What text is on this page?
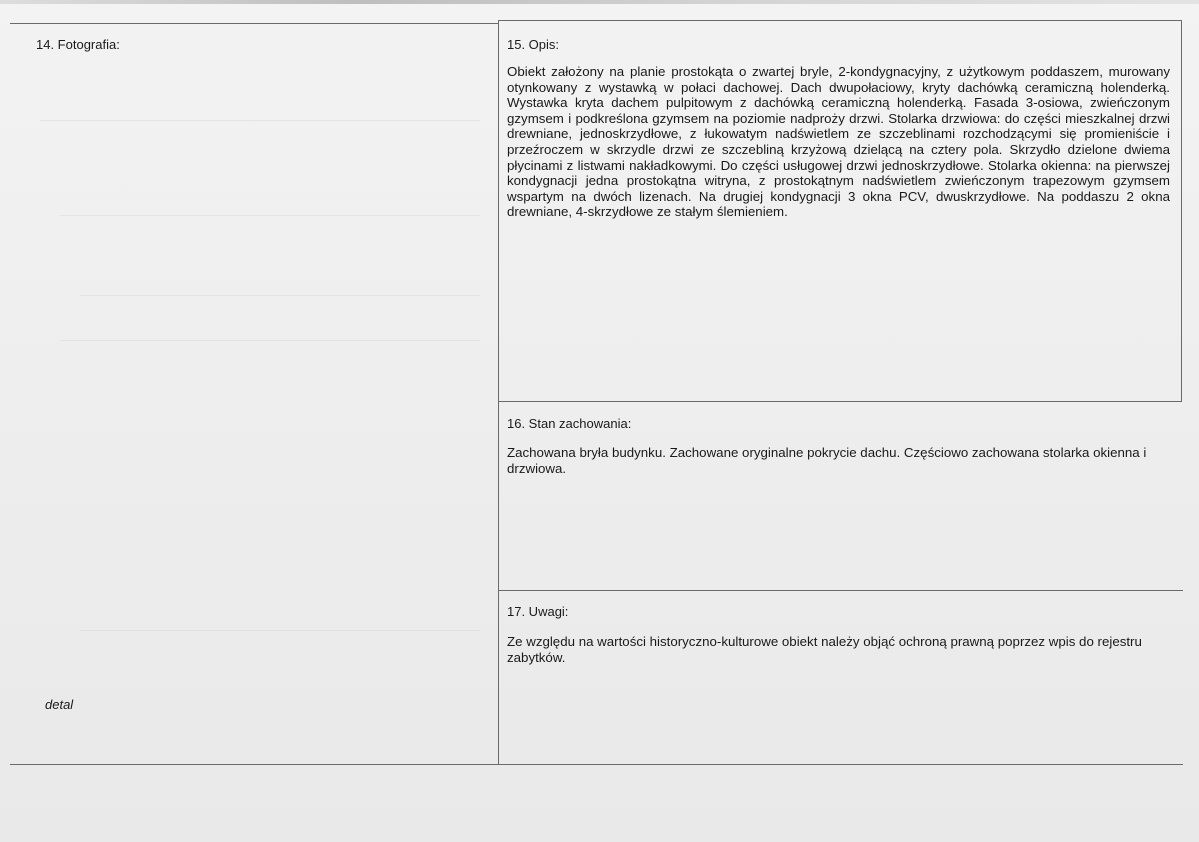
14. Fotografia:
detal
15. Opis:
Obiekt założony na planie prostokąta o zwartej bryle, 2-kondygnacyjny, z użytkowym poddaszem, murowany otynkowany z wystawką w połaci dachowej. Dach dwupołaciowy, kryty dachówką ceramiczną holenderką. Wystawka kryta dachem pulpitowym z dachówką ceramiczną holenderką. Fasada 3-osiowa, zwieńczonym gzymsem i podkreślona gzymsem na poziomie nadproży drzwi. Stolarka drzwiowa: do części mieszkalnej drzwi drewniane, jednoskrzydłowe, z łukowatym nadświetlem ze szczeblinami rozchodzącymi się promieniście i przeźroczem w skrzydle drzwi ze szczebliną krzyżową dzielącą na cztery pola. Skrzydło dzielone dwiema płycinami z listwami nakładkowymi. Do części usługowej drzwi jednoskrzydłowe. Stolarka okienna: na pierwszej kondygnacji jedna prostokątna witryna, z prostokątnym nadświetlem zwieńczonym trapezowym gzymsem wspartym na dwóch lizenach. Na drugiej kondygnacji 3 okna PCV, dwuskrzydłowe. Na poddaszu 2 okna drewniane, 4-skrzydłowe ze stałym ślemieniem.
16. Stan zachowania:
Zachowana bryła budynku. Zachowane oryginalne pokrycie dachu. Częściowo zachowana stolarka okienna i drzwiowa.
17. Uwagi:
Ze względu na wartości historyczno-kulturowe obiekt należy objąć ochroną prawną poprzez wpis do rejestru zabytków.
